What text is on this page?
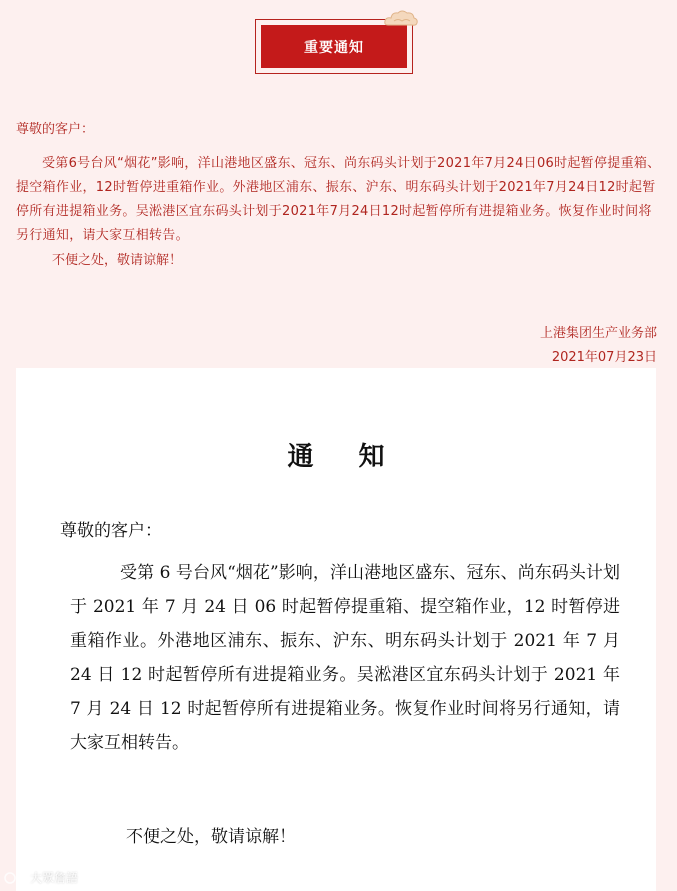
重要通知

尊敬的客户：

受第6号台风“烟花”影响，洋山港地区盛东、冠东、尚东码头计划于2021年7月24日06时起暂停提重箱、提空箱作业，12时暂停进重箱作业。外港地区浦东、振东、沪东、明东码头计划于2021年7月24日12时起暂停所有进提箱业务。吴淞港区宜东码头计划于2021年7月24日12时起暂停所有进提箱业务。恢复作业时间将另行通知，请大家互相转告。

不便之处，敬请谅解！

上港集团生产业务部
2021年07月23日
通 知
尊敬的客户：

受第 6 号台风“烟花”影响，洋山港地区盛东、冠东、尚东码头计划于 2021 年 7 月 24 日 06 时起暂停提重箱、提空箱作业，12 时暂停进重箱作业。外港地区浦东、振东、沪东、明东码头计划于 2021 年 7 月 24 日 12 时起暂停所有进提箱业务。吴淞港区宜东码头计划于 2021 年 7 月 24 日 12 时起暂停所有进提箱业务。恢复作业时间将另行通知，请大家互相转告。

不便之处，敬请谅解！
大眾詹語
